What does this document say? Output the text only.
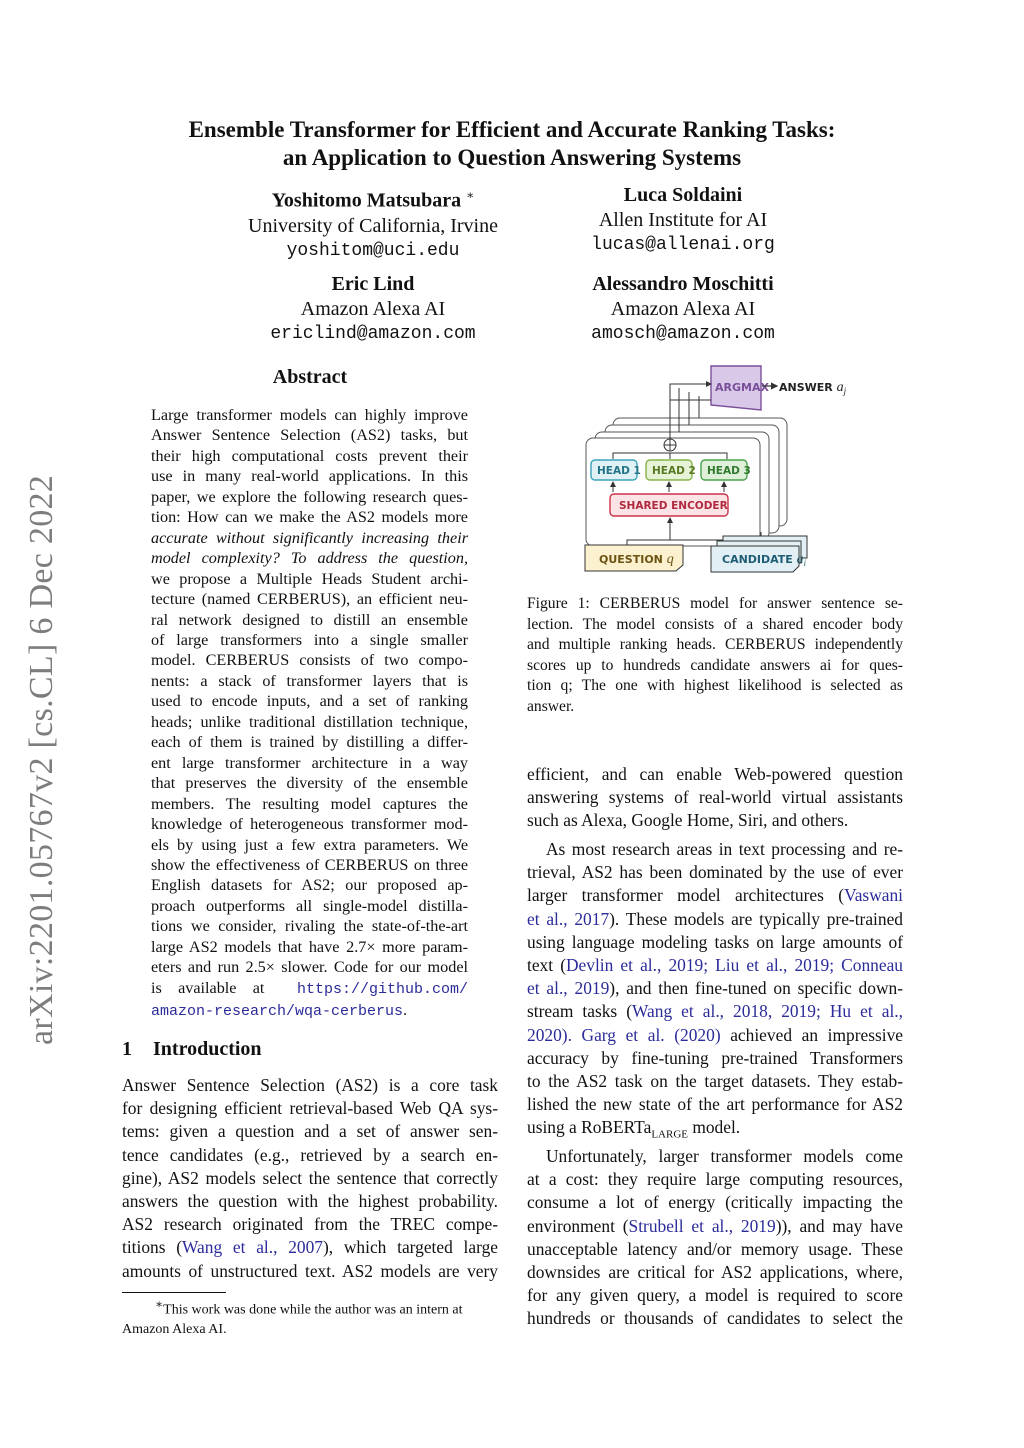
Ensemble Transformer for Efficient and Accurate Ranking Tasks:
an Application to Question Answering Systems
Yoshitomo Matsubara ∗
University of California, Irvine
yoshitom@uci.edu
Luca Soldaini
Allen Institute for AI
lucas@allenai.org
Eric Lind
Amazon Alexa AI
ericlind@amazon.com
Alessandro Moschitti
Amazon Alexa AI
amosch@amazon.com
arXiv:2201.05767v2 [cs.CL] 6 Dec 2022
Abstract
Large transformer models can highly improve
Answer Sentence Selection (AS2) tasks, but
their high computational costs prevent their
use in many real-world applications. In this
paper, we explore the following research ques-
tion: How can we make the AS2 models more
accurate without significantly increasing their
model complexity? To address the question,
we propose a Multiple Heads Student archi-
tecture (named CERBERUS), an efficient neu-
ral network designed to distill an ensemble
of large transformers into a single smaller
model. CERBERUS consists of two compo-
nents: a stack of transformer layers that is
used to encode inputs, and a set of ranking
heads; unlike traditional distillation technique,
each of them is trained by distilling a differ-
ent large transformer architecture in a way
that preserves the diversity of the ensemble
members. The resulting model captures the
knowledge of heterogeneous transformer mod-
els by using just a few extra parameters. We
show the effectiveness of CERBERUS on three
English datasets for AS2; our proposed ap-
proach outperforms all single-model distilla-
tions we consider, rivaling the state-of-the-art
large AS2 models that have 2.7× more param-
eters and run 2.5× slower. Code for our model
is available at https://github.com/
amazon-research/wqa-cerberus.
1 Introduction
Answer Sentence Selection (AS2) is a core task
for designing efficient retrieval-based Web QA sys-
tems: given a question and a set of answer sen-
tence candidates (e.g., retrieved by a search en-
gine), AS2 models select the sentence that correctly
answers the question with the highest probability.
AS2 research originated from the TREC compe-
titions (Wang et al., 2007), which targeted large
amounts of unstructured text. AS2 models are very
∗This work was done while the author was an intern at
Amazon Alexa AI.
ARGMAX ANSWER $a_j$
HEAD 1 HEAD 2 HEAD 3
SHARED ENCODER
CANDIDATE $a_i$
QUESTION q
Figure 1: CERBERUS model for answer sentence se-
lection. The model consists of a shared encoder body
and multiple ranking heads. CERBERUS independently
scores up to hundreds candidate answers ai for ques-
tion q; The one with highest likelihood is selected as
answer.
efficient, and can enable Web-powered question
answering systems of real-world virtual assistants
such as Alexa, Google Home, Siri, and others.
As most research areas in text processing and re-
trieval, AS2 has been dominated by the use of ever
larger transformer model architectures (Vaswani
et al., 2017). These models are typically pre-trained
using language modeling tasks on large amounts of
text (Devlin et al., 2019; Liu et al., 2019; Conneau
et al., 2019), and then fine-tuned on specific down-
stream tasks (Wang et al., 2018, 2019; Hu et al.,
2020). Garg et al. (2020) achieved an impressive
accuracy by fine-tuning pre-trained Transformers
to the AS2 task on the target datasets. They estab-
lished the new state of the art performance for AS2
using a RoBERTa$_{LARGE}$ model.
Unfortunately, larger transformer models come
at a cost: they require large computing resources,
consume a lot of energy (critically impacting the
environment (Strubell et al., 2019)), and may have
unacceptable latency and/or memory usage. These
downsides are critical for AS2 applications, where,
for any given query, a model is required to score
hundreds or thousands of candidates to select the
